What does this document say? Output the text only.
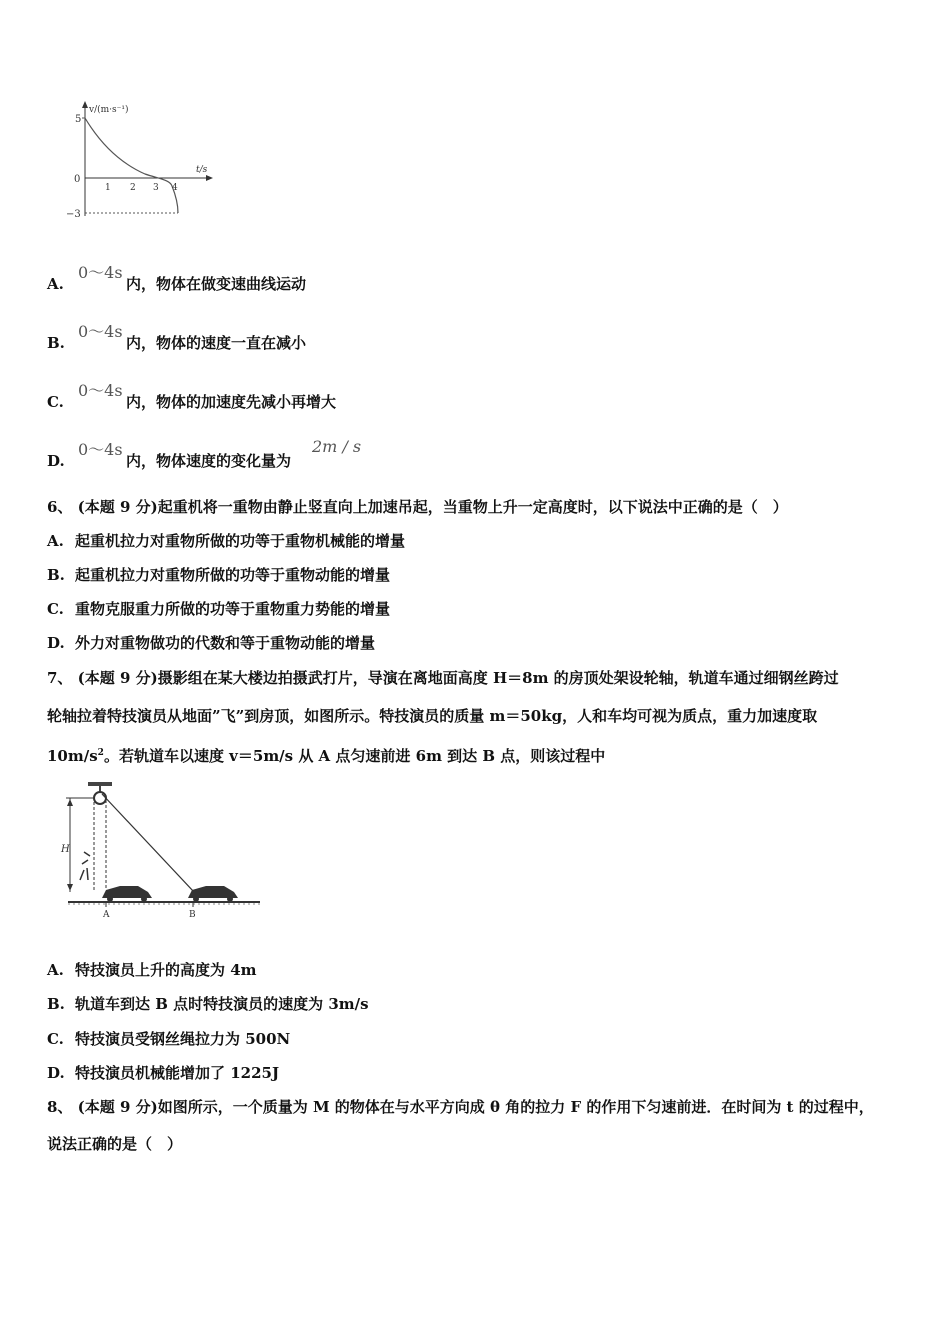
v/(m·s⁻¹)
t/s
5
0
−3
1 2 3 4
A.
0～4s
内，物体在做变速曲线运动
B.
0～4s
内，物体的速度一直在减小
C.
0～4s
内，物体的加速度先减小再增大
D.
0～4s
内，物体速度的变化量为
2m / s
6、 (本题 9 分)起重机将一重物由静止竖直向上加速吊起，当重物上升一定高度时，以下说法中正确的是（　）
A. 起重机拉力对重物所做的功等于重物机械能的增量
B. 起重机拉力对重物所做的功等于重物动能的增量
C. 重物克服重力所做的功等于重物重力势能的增量
D. 外力对重物做功的代数和等于重物动能的增量
7、 (本题 9 分)摄影组在某大楼边拍摄武打片，导演在离地面高度 H＝8m 的房顶处架设轮轴，轨道车通过细钢丝跨过
轮轴拉着特技演员从地面”飞”到房顶，如图所示。特技演员的质量 m＝50kg，人和车均可视为质点，重力加速度取
$10m/s^2$。若轨道车以速度 v＝5m/s 从 A 点匀速前进 6m 到达 B 点，则该过程中
H
A	B
A. 特技演员上升的高度为 4m
B. 轨道车到达 B 点时特技演员的速度为 3m/s
C. 特技演员受钢丝绳拉力为 500N
D. 特技演员机械能增加了 1225J
8、 (本题 9 分)如图所示，一个质量为 M 的物体在与水平方向成 θ 角的拉力 F 的作用下匀速前进．在时间为 t 的过程中，
说法正确的是（　）
